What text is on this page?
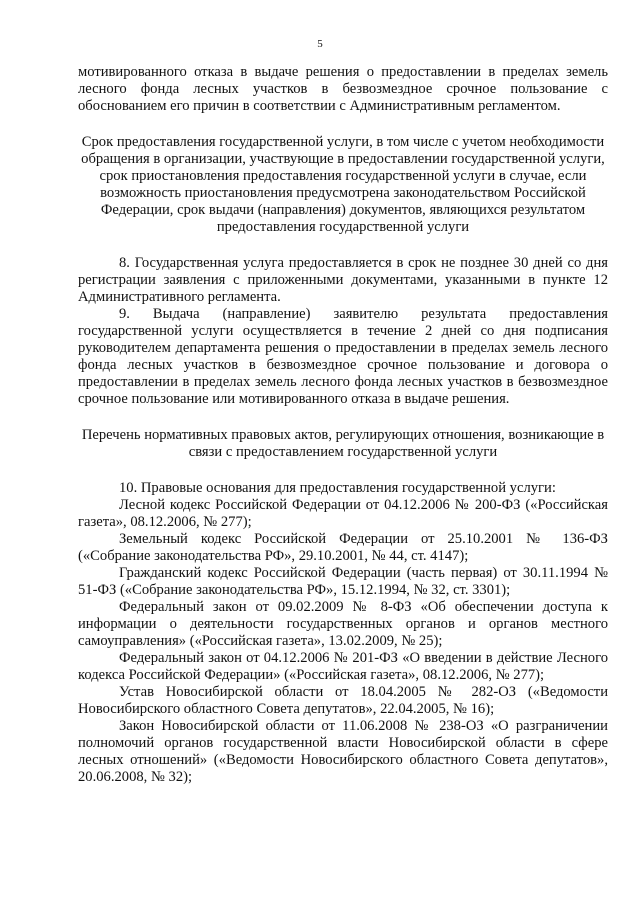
5

мотивированного отказа в выдаче решения о предоставлении в пределах земель лесного фонда лесных участков в безвозмездное срочное пользование с обоснованием его причин в соответствии с Административным регламентом.

Срок предоставления государственной услуги, в том числе с учетом необходимости обращения в организации, участвующие в предоставлении государственной услуги, срок приостановления предоставления государственной услуги в случае, если возможность приостановления предусмотрена законодательством Российской Федерации, срок выдачи (направления) документов, являющихся результатом предоставления государственной услуги

8. Государственная услуга предоставляется в срок не позднее 30 дней со дня регистрации заявления с приложенными документами, указанными в пункте 12 Административного регламента.

9. Выдача (направление) заявителю результата предоставления государственной услуги осуществляется в течение 2 дней со дня подписания руководителем департамента решения о предоставлении в пределах земель лесного фонда лесных участков в безвозмездное срочное пользование и договора о предоставлении в пределах земель лесного фонда лесных участков в безвозмездное срочное пользование или мотивированного отказа в выдаче решения.

Перечень нормативных правовых актов, регулирующих отношения, возникающие в связи с предоставлением государственной услуги

10. Правовые основания для предоставления государственной услуги:

Лесной кодекс Российской Федерации от 04.12.2006 № 200-ФЗ («Российская газета», 08.12.2006, № 277);

Земельный кодекс Российской Федерации от 25.10.2001 № 136-ФЗ («Собрание законодательства РФ», 29.10.2001, № 44, ст. 4147);

Гражданский кодекс Российской Федерации (часть первая) от 30.11.1994 № 51-ФЗ («Собрание законодательства РФ», 15.12.1994, № 32, ст. 3301);

Федеральный закон от 09.02.2009 № 8-ФЗ «Об обеспечении доступа к информации о деятельности государственных органов и органов местного самоуправления» («Российская газета», 13.02.2009, № 25);

Федеральный закон от 04.12.2006 № 201-ФЗ «О введении в действие Лесного кодекса Российской Федерации» («Российская газета», 08.12.2006, № 277);

Устав Новосибирской области от 18.04.2005 № 282-ОЗ («Ведомости Новосибирского областного Совета депутатов», 22.04.2005, № 16);

Закон Новосибирской области от 11.06.2008 № 238-ОЗ «О разграничении полномочий органов государственной власти Новосибирской области в сфере лесных отношений» («Ведомости Новосибирского областного Совета депутатов», 20.06.2008, № 32);
